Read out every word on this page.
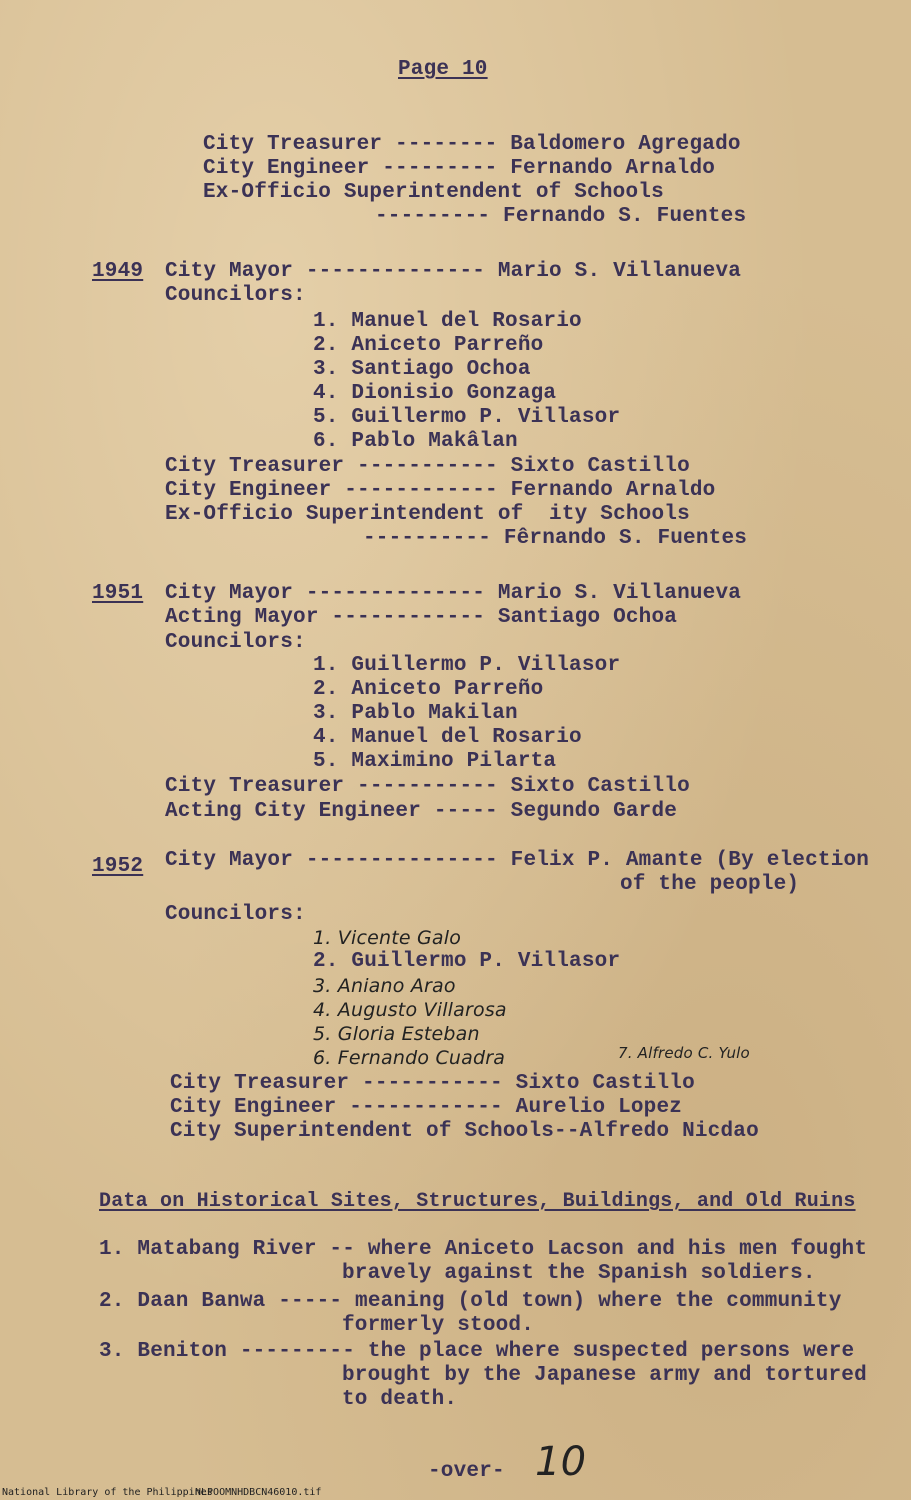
Page 10
City Treasurer -------- Baldomero Agregado
City Engineer --------- Fernando Arnaldo
Ex-Officio Superintendent of Schools
--------- Fernando S. Fuentes
1949 City Mayor -------------- Mario S. Villanueva
Councilors:
1. Manuel del Rosario
2. Aniceto Parreño
3. Santiago Ochoa
4. Dionisio Gonzaga
5. Guillermo P. Villasor
6. Pablo Makâlan
City Treasurer ----------- Sixto Castillo
City Engineer ------------ Fernando Arnaldo
Ex-Officio Superintendent of  ity Schools
---------- Fêrnando S. Fuentes
1951 City Mayor -------------- Mario S. Villanueva
Acting Mayor ------------ Santiago Ochoa
Councilors:
1. Guillermo P. Villasor
2. Aniceto Parreño
3. Pablo Makilan
4. Manuel del Rosario
5. Maximino Pilarta
City Treasurer ----------- Sixto Castillo
Acting City Engineer ----- Segundo Garde
1952 City Mayor --------------- Felix P. Amante (By election
of the people)
Councilors:
1. Vicente Galo
2. Guillermo P. Villasor
3. Aniano Arao
4. Augusto Villarosa
5. Gloria Esteban
6. Fernando Cuadra	7. Alfredo C. Yulo
City Treasurer ----------- Sixto Castillo
City Engineer ------------ Aurelio Lopez
City Superintendent of Schools--Alfredo Nicdao
Data on Historical Sites, Structures, Buildings, and Old Ruins
1. Matabang River -- where Aniceto Lacson and his men fought
bravely against the Spanish soldiers.
2. Daan Banwa ----- meaning (old town) where the community
formerly stood.
3. Beniton --------- the place where suspected persons were
brought by the Japanese army and tortured
to death.
-over- 10
National Library of the Philippines
NLPOOMNHDBCN46010.tif
